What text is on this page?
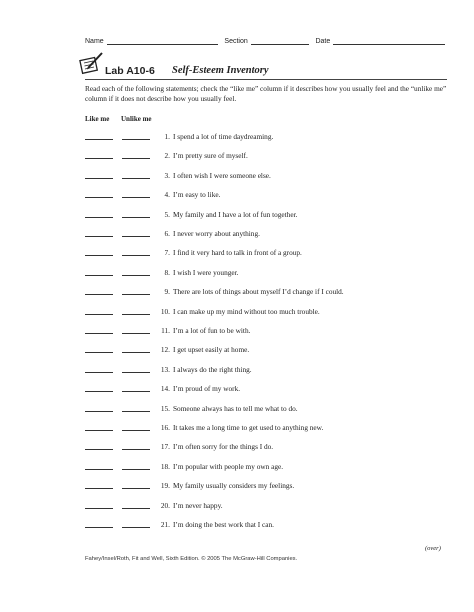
Name	Section	Date
Lab A10-6 Self-Esteem Inventory
Read each of the following statements; check the “like me” column if it describes how you usually feel and the “unlike me” column if it does not describe how you usually feel.
Like me Unlike me
1. I spend a lot of time daydreaming.
2. I’m pretty sure of myself.
3. I often wish I were someone else.
4. I’m easy to like.
5. My family and I have a lot of fun together.
6. I never worry about anything.
7. I find it very hard to talk in front of a group.
8. I wish I were younger.
9. There are lots of things about myself I’d change if I could.
10. I can make up my mind without too much trouble.
11. I’m a lot of fun to be with.
12. I get upset easily at home.
13. I always do the right thing.
14. I’m proud of my work.
15. Someone always has to tell me what to do.
16. It takes me a long time to get used to anything new.
17. I’m often sorry for the things I do.
18. I’m popular with people my own age.
19. My family usually considers my feelings.
20. I’m never happy.
21. I’m doing the best work that I can.
(over)
Fahey/Insel/Roth, Fit and Well, Sixth Edition. © 2005 The McGraw-Hill Companies.
